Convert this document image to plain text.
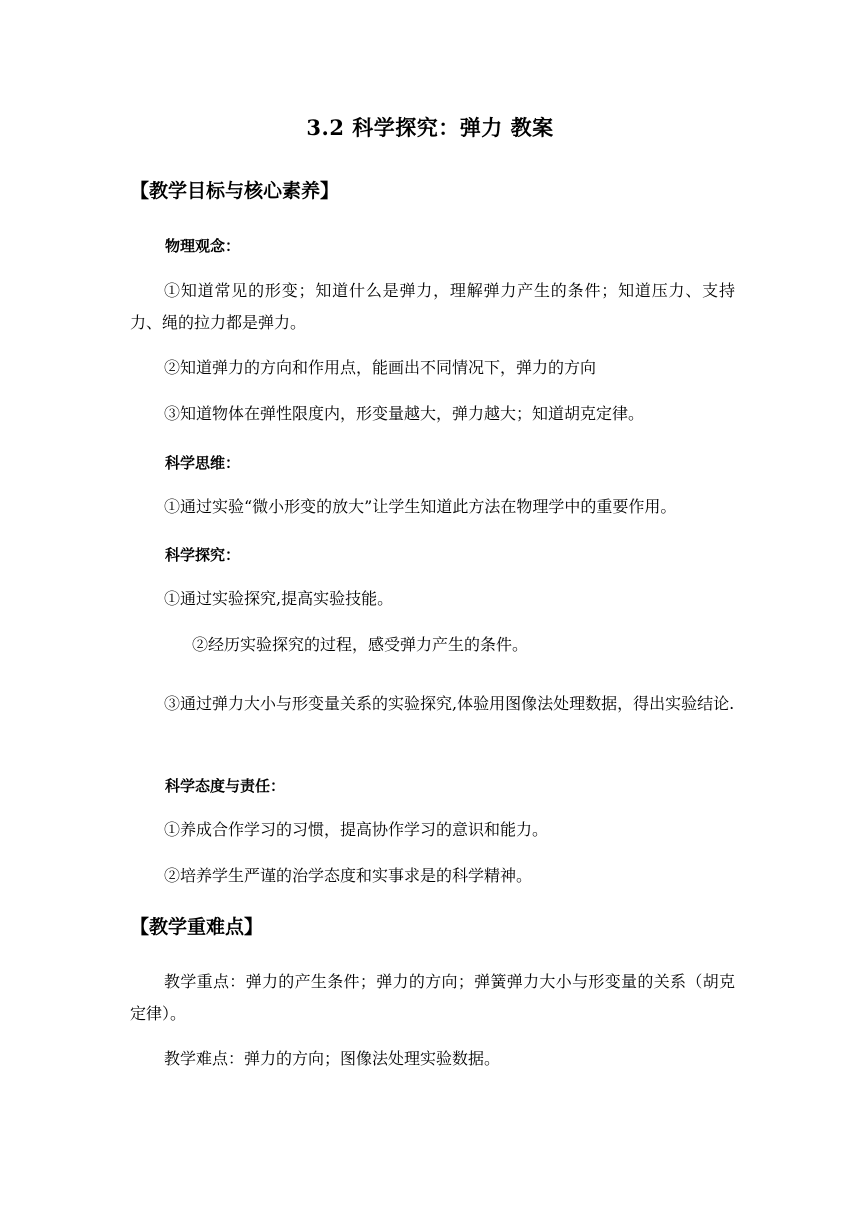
3.2 科学探究：弹力 教案
【教学目标与核心素养】
物理观念：
①知道常见的形变；知道什么是弹力，理解弹力产生的条件；知道压力、支持力、绳的拉力都是弹力。
②知道弹力的方向和作用点，能画出不同情况下，弹力的方向
③知道物体在弹性限度内，形变量越大，弹力越大；知道胡克定律。
科学思维：
①通过实验“微小形变的放大”让学生知道此方法在物理学中的重要作用。
科学探究：
①通过实验探究,提高实验技能。
②经历实验探究的过程，感受弹力产生的条件。
③通过弹力大小与形变量关系的实验探究,体验用图像法处理数据，得出实验结论.
科学态度与责任：
①养成合作学习的习惯，提高协作学习的意识和能力。
②培养学生严谨的治学态度和实事求是的科学精神。
【教学重难点】
教学重点：弹力的产生条件；弹力的方向；弹簧弹力大小与形变量的关系（胡克定律）。
教学难点：弹力的方向；图像法处理实验数据。
